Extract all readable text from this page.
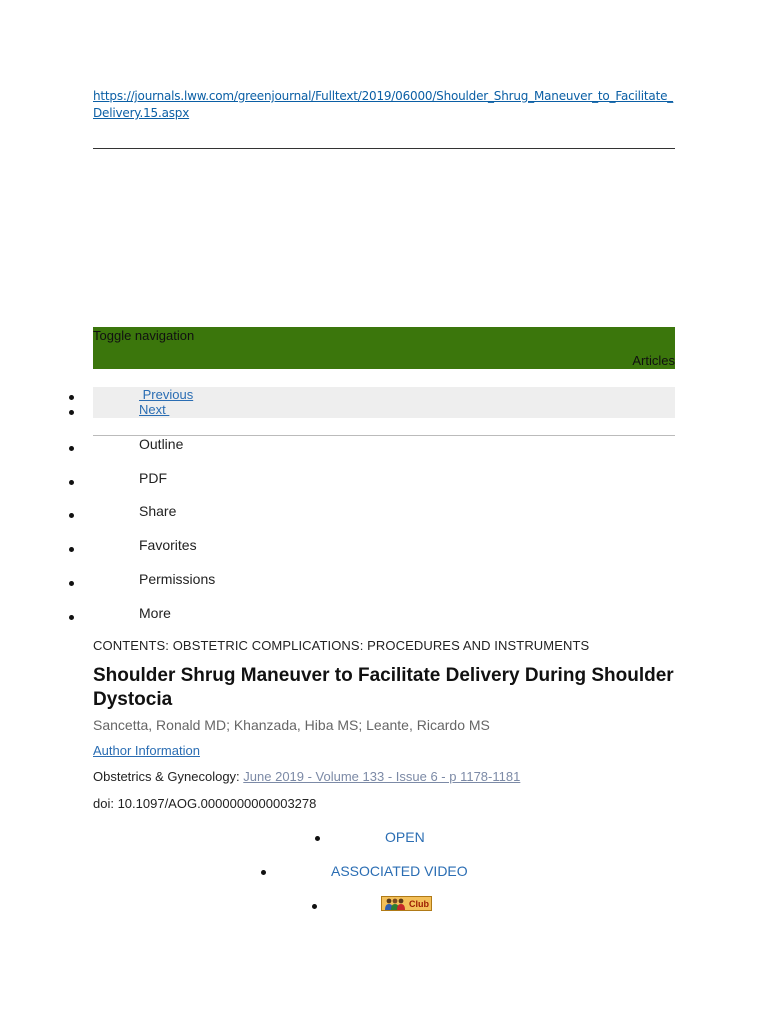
https://journals.lww.com/greenjournal/Fulltext/2019/06000/Shoulder_Shrug_Maneuver_to_Facilitate_Delivery.15.aspx
Toggle navigation
Articles
Previous
Next
Outline
PDF
Share
Favorites
Permissions
More
CONTENTS: OBSTETRIC COMPLICATIONS: PROCEDURES AND INSTRUMENTS
Shoulder Shrug Maneuver to Facilitate Delivery During Shoulder Dystocia
Sancetta, Ronald MD; Khanzada, Hiba MS; Leante, Ricardo MS
Author Information
Obstetrics & Gynecology: June 2019 - Volume 133 - Issue 6 - p 1178-1181
doi: 10.1097/AOG.0000000000003278
OPEN
ASSOCIATED VIDEO
Club
